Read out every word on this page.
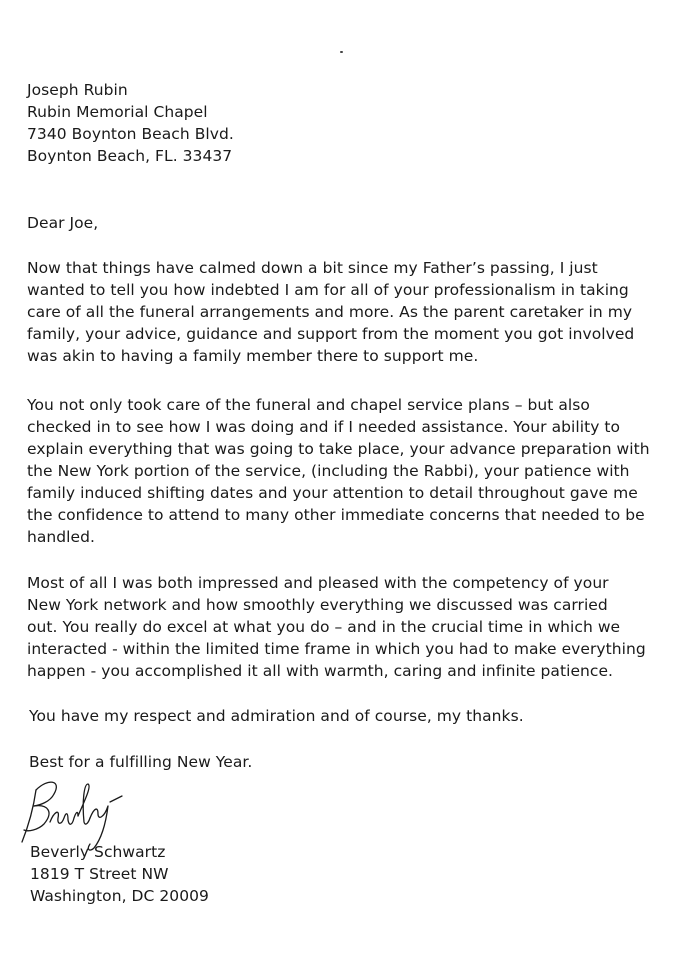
Joseph Rubin
Rubin Memorial Chapel
7340 Boynton Beach Blvd.
Boynton Beach, FL. 33437
Dear Joe,
Now that things have calmed down a bit since my Father’s passing, I just
wanted to tell you how indebted I am for all of your professionalism in taking
care of all the funeral arrangements and more. As the parent caretaker in my
family, your advice, guidance and support from the moment you got involved
was akin to having a family member there to support me.
You not only took care of the funeral and chapel service plans – but also
checked in to see how I was doing and if I needed assistance. Your ability to
explain everything that was going to take place, your advance preparation with
the New York portion of the service, (including the Rabbi), your patience with
family induced shifting dates and your attention to detail throughout gave me
the confidence to attend to many other immediate concerns that needed to be
handled.
Most of all I was both impressed and pleased with the competency of your
New York network and how smoothly everything we discussed was carried
out. You really do excel at what you do – and in the crucial time in which we
interacted - within the limited time frame in which you had to make everything
happen - you accomplished it all with warmth, caring and infinite patience.
You have my respect and admiration and of course, my thanks.
Best for a fulfilling New Year.
Beverly
Beverly Schwartz
1819 T Street NW
Washington, DC 20009
